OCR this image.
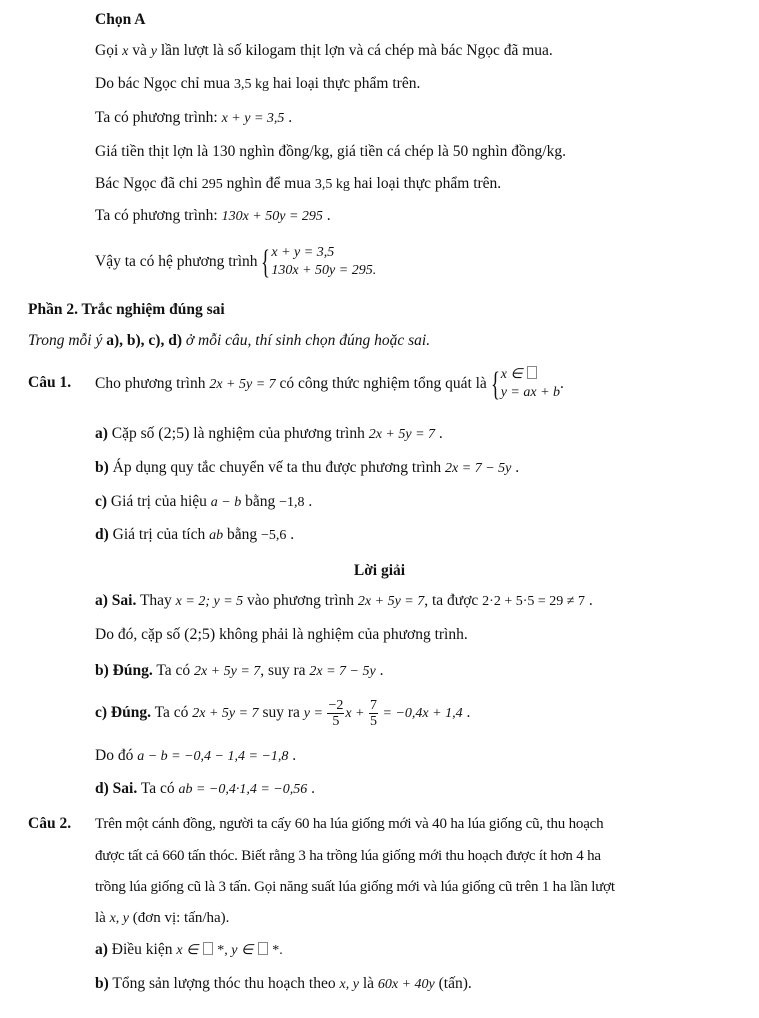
Chọn A
Gọi x và y lần lượt là số kilogam thịt lợn và cá chép mà bác Ngọc đã mua.
Do bác Ngọc chỉ mua 3,5 kg hai loại thực phẩm trên.
Ta có phương trình: x + y = 3,5 .
Giá tiền thịt lợn là 130 nghìn đồng/kg, giá tiền cá chép là 50 nghìn đồng/kg.
Bác Ngọc đã chi 295 nghìn để mua 3,5 kg hai loại thực phẩm trên.
Ta có phương trình: 130x + 50y = 295 .
Vậy ta có hệ phương trình { x + y = 3,5
130x + 50y = 295.
Phần 2. Trắc nghiệm đúng sai
Trong mỗi ý a), b), c), d) ở mỗi câu, thí sinh chọn đúng hoặc sai.
Câu 1. Cho phương trình 2x + 5y = 7 có công thức nghiệm tổng quát là { x ∈
y = ax + b
.
a) Cặp số (2;5) là nghiệm của phương trình 2x + 5y = 7 .
b) Áp dụng quy tắc chuyển vế ta thu được phương trình 2x = 7 − 5y .
c) Giá trị của hiệu a − b bằng −1,8 .
d) Giá trị của tích ab bằng −5,6 .
Lời giải
a) Sai. Thay x = 2; y = 5 vào phương trình 2x + 5y = 7, ta được 2·2 + 5·5 = 29 ≠ 7 .
Do đó, cặp số (2;5) không phải là nghiệm của phương trình.
b) Đúng. Ta có 2x + 5y = 7, suy ra 2x = 7 − 5y .
c) Đúng. Ta có 2x + 5y = 7 suy ra $y = \frac{-2}{5}$ $x + \frac{7}{5} = -0,4x + 1,4$ .
Do đó a − b = −0,4 − 1,4 = −1,8 .
d) Sai. Ta có ab = −0,4·1,4 = −0,56 .
Câu 2. Trên một cánh đồng, người ta cấy 60 ha lúa giống mới và 40 ha lúa giống cũ, thu hoạch
được tất cả 660 tấn thóc. Biết rằng 3 ha trồng lúa giống mới thu hoạch được ít hơn 4 ha
trồng lúa giống cũ là 3 tấn. Gọi năng suất lúa giống mới và lúa giống cũ trên 1 ha lần lượt
là x, y (đơn vị: tấn/ha).
a) Điều kiện x ∈  *, y ∈  *.
b) Tổng sản lượng thóc thu hoạch theo x, y là 60x + 40y (tấn).
